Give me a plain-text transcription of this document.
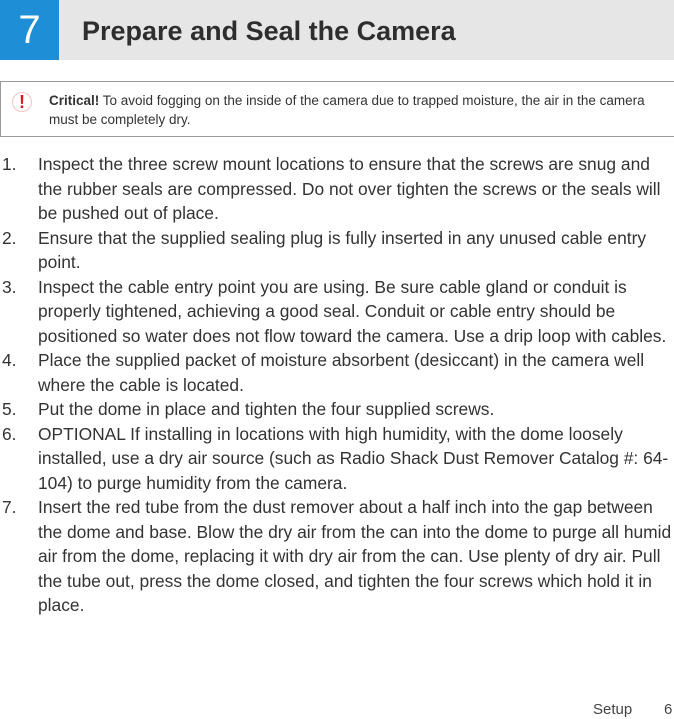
7	Prepare and Seal the Camera
!	Critical! To avoid fogging on the inside of the camera due to trapped moisture, the air in the camera must be completely dry.
1. Inspect the three screw mount locations to ensure that the screws are snug and the rubber seals are compressed. Do not over tighten the screws or the seals will be pushed out of place.
2. Ensure that the supplied sealing plug is fully inserted in any unused cable entry point.
3. Inspect the cable entry point you are using. Be sure cable gland or conduit is properly tightened, achieving a good seal. Conduit or cable entry should be positioned so water does not flow toward the camera. Use a drip loop with cables.
4. Place the supplied packet of moisture absorbent (desiccant) in the camera well where the cable is located.
5. Put the dome in place and tighten the four supplied screws.
6. OPTIONAL If installing in locations with high humidity, with the dome loosely installed, use a dry air source (such as Radio Shack Dust Remover Catalog #: 64-104) to purge humidity from the camera.
7. Insert the red tube from the dust remover about a half inch into the gap between the dome and base. Blow the dry air from the can into the dome to purge all humid air from the dome, replacing it with dry air from the can. Use plenty of dry air. Pull the tube out, press the dome closed, and tighten the four screws which hold it in place.
Setup 6
